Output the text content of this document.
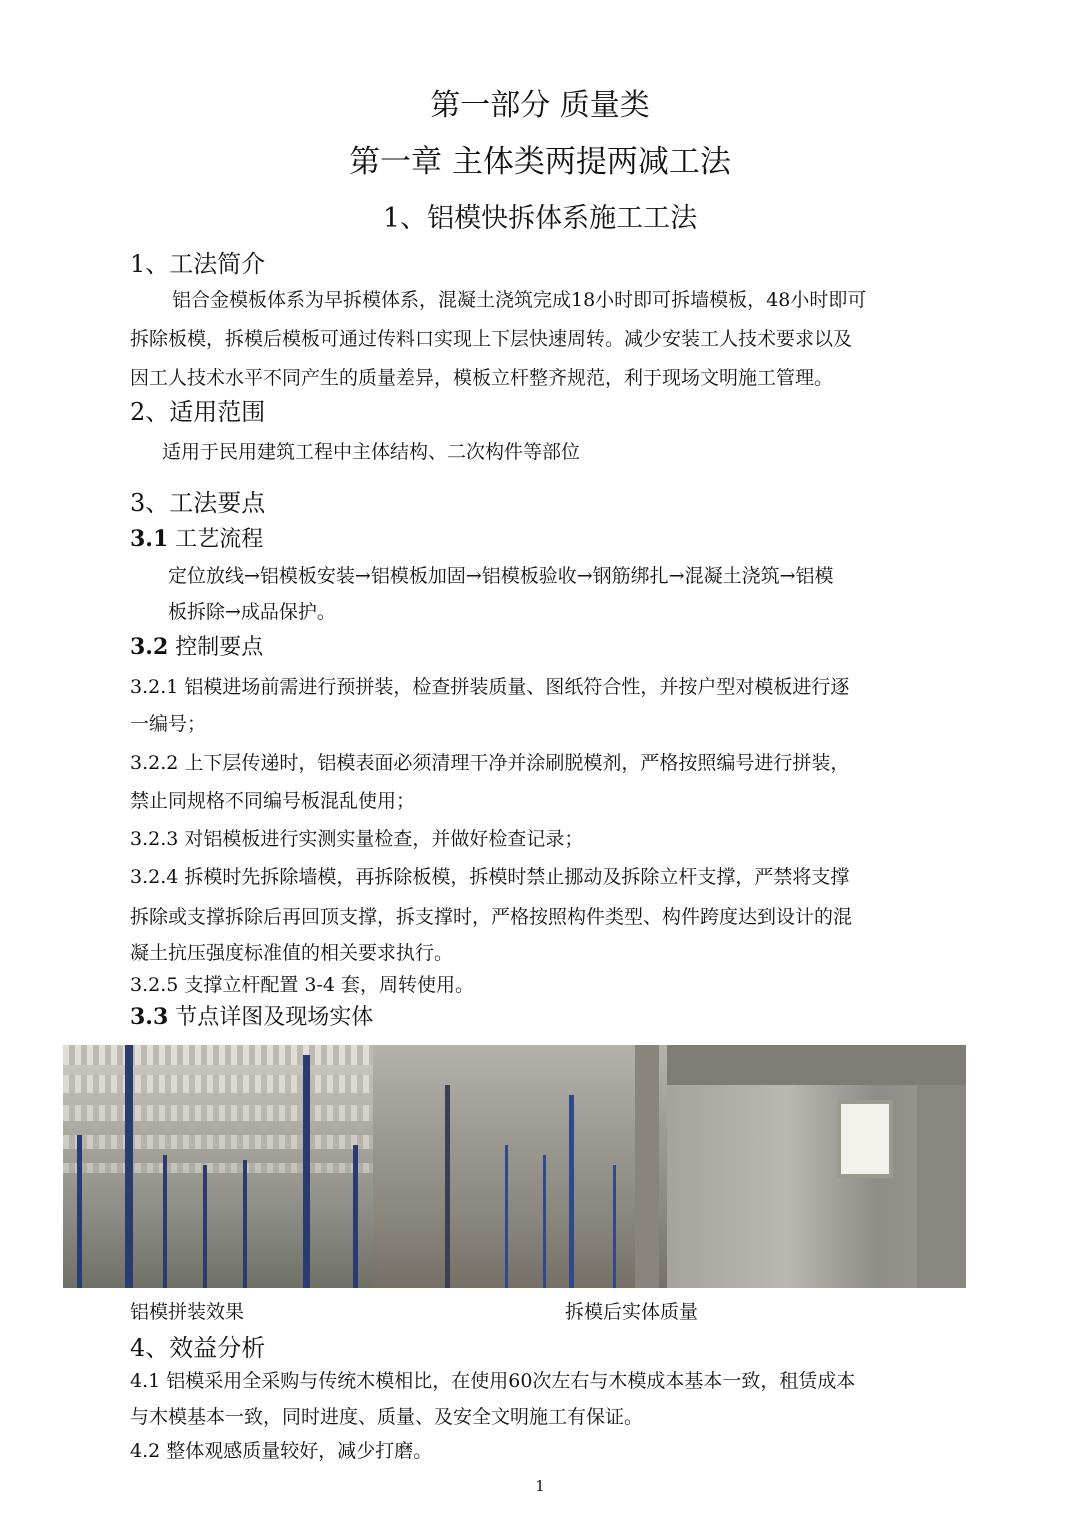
第一部分 质量类
第一章 主体类两提两减工法
1、铝模快拆体系施工工法
1、工法简介
铝合金模板体系为早拆模体系，混凝土浇筑完成18小时即可拆墙模板，48小时即可
拆除板模，拆模后模板可通过传料口实现上下层快速周转。减少安装工人技术要求以及
因工人技术水平不同产生的质量差异，模板立杆整齐规范，利于现场文明施工管理。
2、适用范围
适用于民用建筑工程中主体结构、二次构件等部位
3、工法要点
3.1 工艺流程
定位放线→铝模板安装→铝模板加固→铝模板验收→钢筋绑扎→混凝土浇筑→铝模
板拆除→成品保护。
3.2 控制要点
3.2.1 铝模进场前需进行预拼装，检查拼装质量、图纸符合性，并按户型对模板进行逐
一编号；
3.2.2 上下层传递时，铝模表面必须清理干净并涂刷脱模剂，严格按照编号进行拼装，
禁止同规格不同编号板混乱使用；
3.2.3 对铝模板进行实测实量检查，并做好检查记录；
3.2.4 拆模时先拆除墙模，再拆除板模，拆模时禁止挪动及拆除立杆支撑，严禁将支撑
拆除或支撑拆除后再回顶支撑，拆支撑时，严格按照构件类型、构件跨度达到设计的混
凝土抗压强度标准值的相关要求执行。
3.2.5 支撑立杆配置 3-4 套，周转使用。
3.3 节点详图及现场实体
铝模拼装效果	拆模后实体质量
4、效益分析
4.1 铝模采用全采购与传统木模相比，在使用60次左右与木模成本基本一致，租赁成本
与木模基本一致，同时进度、质量、及安全文明施工有保证。
4.2 整体观感质量较好，减少打磨。
1
